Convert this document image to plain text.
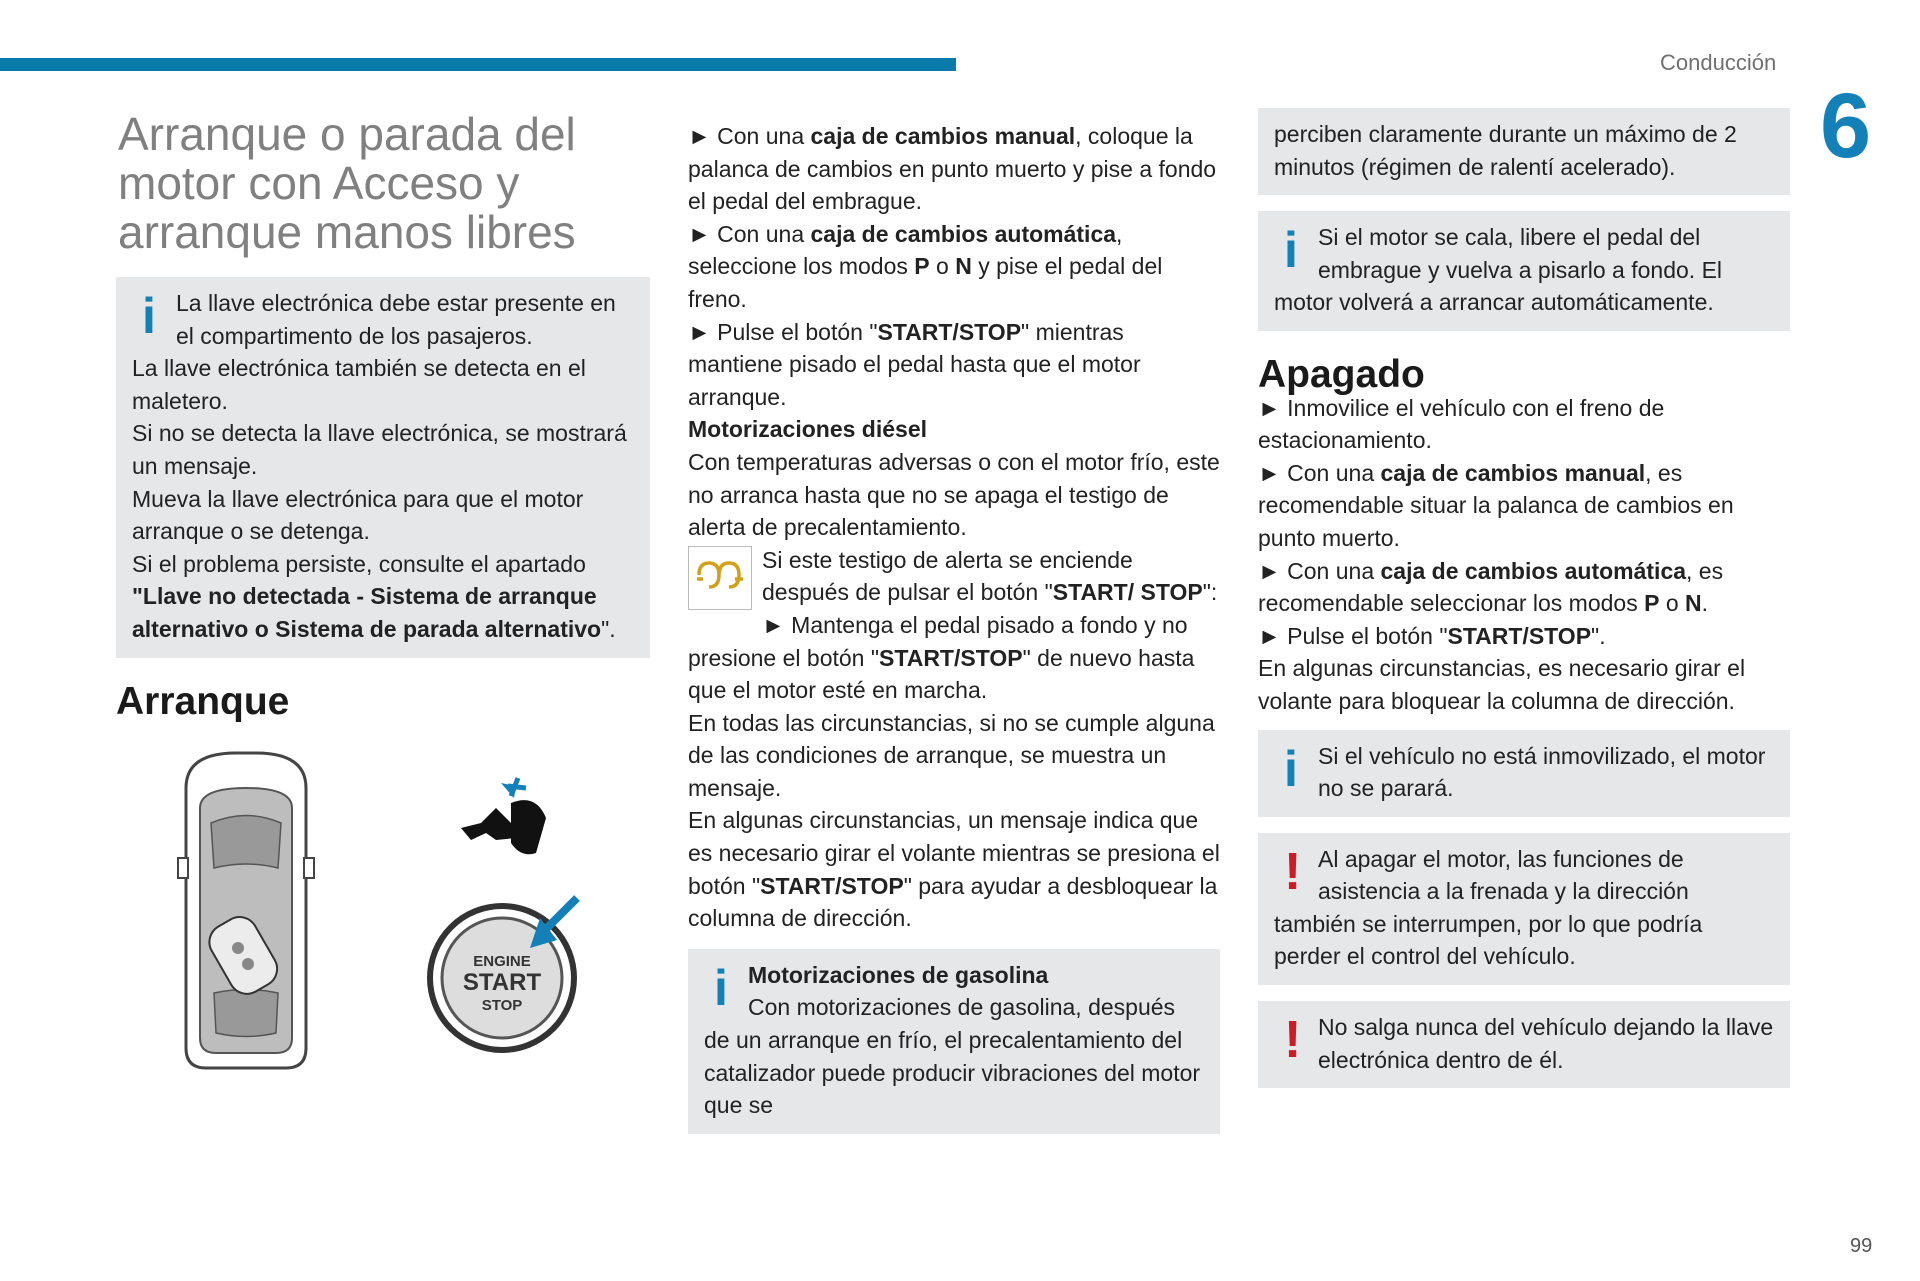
Conducción
6
99
Arranque o parada del motor con Acceso y arranque manos libres
i La llave electrónica debe estar presente en el compartimento de los pasajeros.

La llave electrónica también se detecta en el maletero.

Si no se detecta la llave electrónica, se mostrará un mensaje.

Mueva la llave electrónica para que el motor arranque o se detenga.

Si el problema persiste, consulte el apartado "Llave no detectada - Sistema de arranque alternativo o Sistema de parada alternativo".

Arranque
ENGINE
START
STOP

► Con una caja de cambios manual, coloque la palanca de cambios en punto muerto y pise a fondo el pedal del embrague.

► Con una caja de cambios automática, seleccione los modos P o N y pise el pedal del freno.

► Pulse el botón "START/STOP" mientras mantiene pisado el pedal hasta que el motor arranque.

Motorizaciones diésel

Con temperaturas adversas o con el motor frío, este no arranca hasta que no se apaga el testigo de alerta de precalentamiento.

Si este testigo de alerta se enciende después de pulsar el botón "START/ STOP":

► Mantenga el pedal pisado a fondo y no presione el botón "START/STOP" de nuevo hasta que el motor esté en marcha.

En todas las circunstancias, si no se cumple alguna de las condiciones de arranque, se muestra un mensaje.

En algunas circunstancias, un mensaje indica que es necesario girar el volante mientras se presiona el botón "START/STOP" para ayudar a desbloquear la columna de dirección.

i Motorizaciones de gasolina

Con motorizaciones de gasolina, después de un arranque en frío, el precalentamiento del catalizador puede producir vibraciones del motor que se

perciben claramente durante un máximo de 2 minutos (régimen de ralentí acelerado).

i Si el motor se cala, libere el pedal del embrague y vuelva a pisarlo a fondo. El motor volverá a arrancar automáticamente.

Apagado

► Inmovilice el vehículo con el freno de estacionamiento.

► Con una caja de cambios manual, es recomendable situar la palanca de cambios en punto muerto.

► Con una caja de cambios automática, es recomendable seleccionar los modos P o N.

► Pulse el botón "START/STOP".

En algunas circunstancias, es necesario girar el volante para bloquear la columna de dirección.

i Si el vehículo no está inmovilizado, el motor no se parará.

! Al apagar el motor, las funciones de asistencia a la frenada y la dirección también se interrumpen, por lo que podría perder el control del vehículo.

! No salga nunca del vehículo dejando la llave electrónica dentro de él.
